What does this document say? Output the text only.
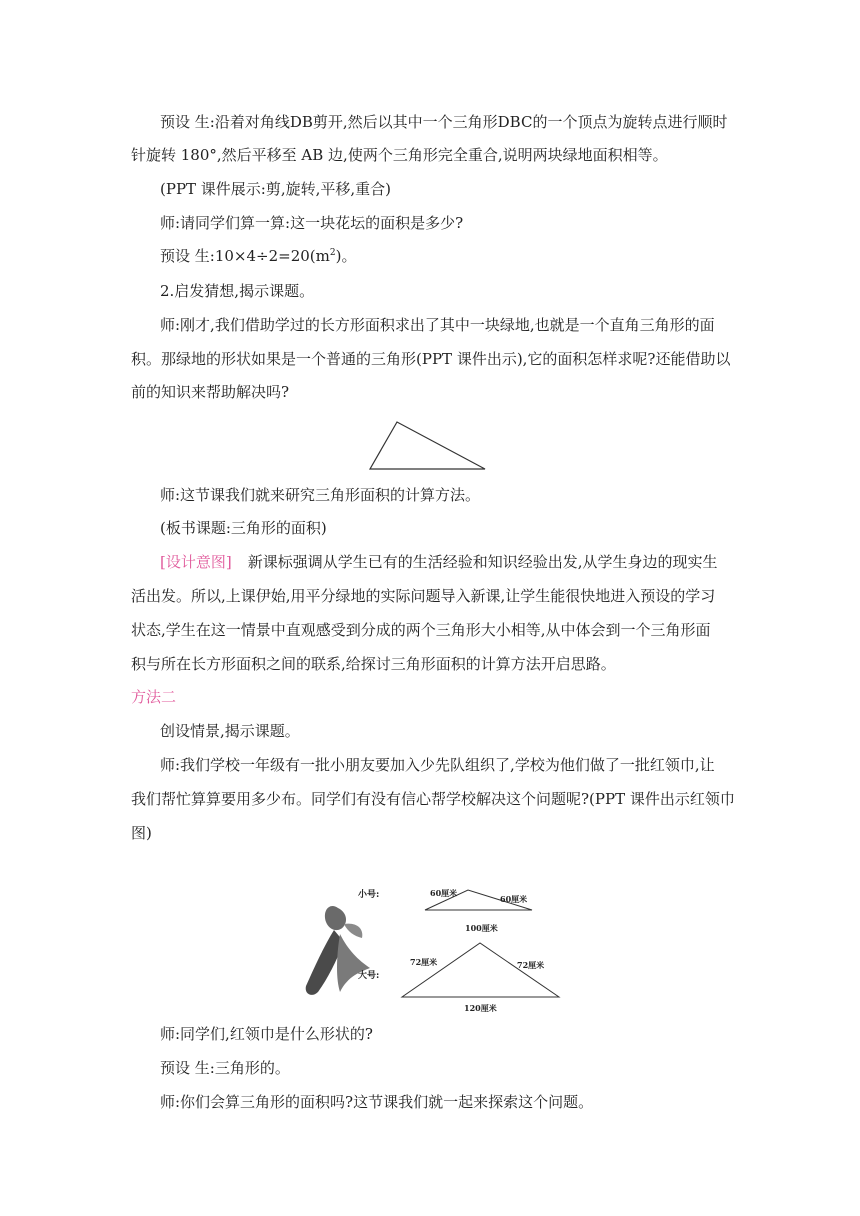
预设 生:沿着对角线DB剪开,然后以其中一个三角形DBC的一个顶点为旋转点进行顺时
针旋转 180°,然后平移至 AB 边,使两个三角形完全重合,说明两块绿地面积相等。
(PPT 课件展示:剪,旋转,平移,重合)
师:请同学们算一算:这一块花坛的面积是多少?
预设 生$:10\times 4\div 2=20(m^2)$。
2.启发猜想,揭示课题。
师:刚才,我们借助学过的长方形面积求出了其中一块绿地,也就是一个直角三角形的面
积。那绿地的形状如果是一个普通的三角形(PPT 课件出示),它的面积怎样求呢?还能借助以
前的知识来帮助解决吗?
师:这节课我们就来研究三角形面积的计算方法。
(板书课题:三角形的面积)
[设计意图] 新课标强调从学生已有的生活经验和知识经验出发,从学生身边的现实生
活出发。所以,上课伊始,用平分绿地的实际问题导入新课,让学生能很快地进入预设的学习
状态,学生在这一情景中直观感受到分成的两个三角形大小相等,从中体会到一个三角形面
积与所在长方形面积之间的联系,给探讨三角形面积的计算方法开启思路。
方法二
创设情景,揭示课题。
师:我们学校一年级有一批小朋友要加入少先队组织了,学校为他们做了一批红领巾,让
我们帮忙算算要用多少布。同学们有没有信心帮学校解决这个问题呢?(PPT 课件出示红领巾
图)
小号:	60厘米
60厘米
100厘米
大号:
72厘米	72厘米
120厘米
师:同学们,红领巾是什么形状的?
预设 生:三角形的。
师:你们会算三角形的面积吗?这节课我们就一起来探索这个问题。
